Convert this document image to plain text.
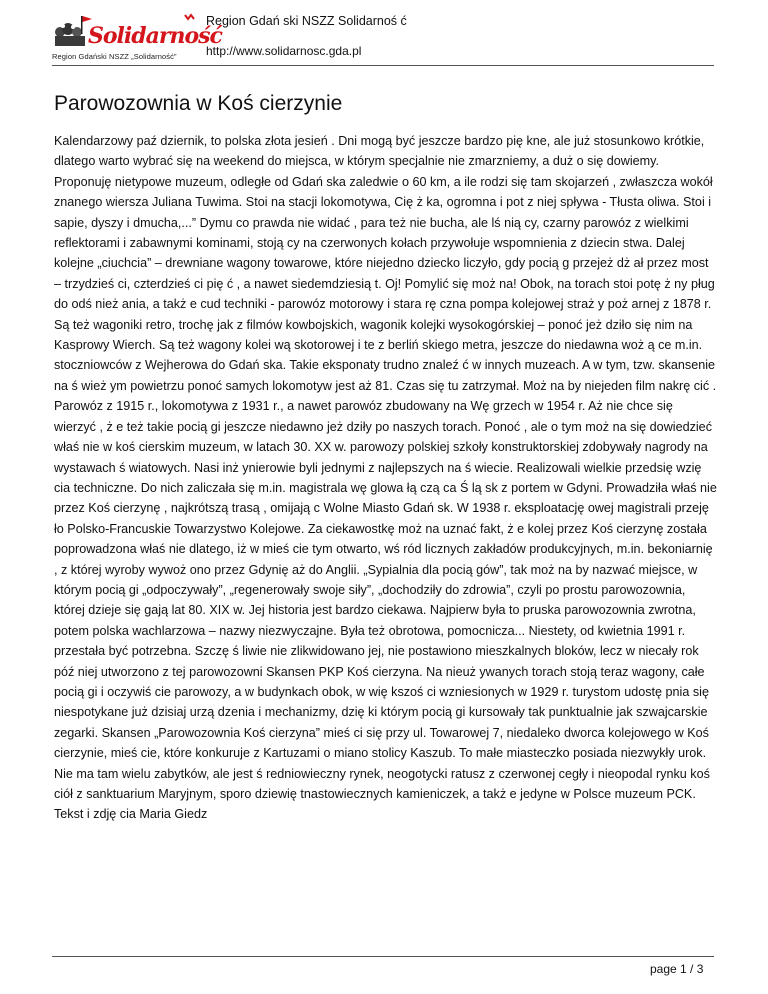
Solidarność
Region Gdański NSZZ „Solidarność”
Region Gdań ski NSZZ Solidarnoś ć
http://www.solidarnosc.gda.pl
Parowozownia w Koś cierzynie

Kalendarzowy paź dziernik, to polska złota jesień . Dni mogą być jeszcze bardzo pię kne, ale już stosunkowo krótkie, dlatego warto wybrać się na weekend do miejsca, w którym specjalnie nie zmarzniemy, a duż o się dowiemy. Proponuję nietypowe muzeum, odległe od Gdań ska zaledwie o 60 km, a ile rodzi się tam skojarzeń , zwłaszcza wokół znanego wiersza Juliana Tuwima. Stoi na stacji lokomotywa, Cię ż ka, ogromna i pot z niej spływa - Tłusta oliwa. Stoi i sapie, dyszy i dmucha,...” Dymu co prawda nie widać , para też nie bucha, ale lś nią cy, czarny parowóz z wielkimi reflektorami i zabawnymi kominami, stoją cy na czerwonych kołach przywołuje wspomnienia z dziecin stwa. Dalej kolejne „ciuchcia” – drewniane wagony towarowe, które niejedno dziecko liczyło, gdy pocią g przejeż dż ał przez most – trzydzieś ci, czterdzieś ci pię ć , a nawet siedemdziesią t. Oj! Pomylić się moż na! Obok, na torach stoi potę ż ny pług do odś nież ania, a takż e cud techniki - parowóz motorowy i stara rę czna pompa kolejowej straż y poż arnej z 1878 r. Są też wagoniki retro, trochę jak z filmów kowbojskich, wagonik kolejki wysokogórskiej – ponoć jeż dziło się nim na Kasprowy Wierch. Są też wagony kolei wą skotorowej i te z berliń skiego metra, jeszcze do niedawna woż ą ce m.in. stoczniowców z Wejherowa do Gdań ska. Takie eksponaty trudno znaleź ć w innych muzeach. A w tym, tzw. skansenie na ś wież ym powietrzu ponoć samych lokomotyw jest aż 81. Czas się tu zatrzymał. Moż na by niejeden film nakrę cić . Parowóz z 1915 r., lokomotywa z 1931 r., a nawet parowóz zbudowany na Wę grzech w 1954 r. Aż nie chce się wierzyć , ż e też takie pocią gi jeszcze niedawno jeż dziły po naszych torach. Ponoć , ale o tym moż na się dowiedzieć właś nie w koś cierskim muzeum, w latach 30. XX w. parowozy polskiej szkoły konstruktorskiej zdobywały nagrody na wystawach ś wiatowych. Nasi inż ynierowie byli jednymi z najlepszych na ś wiecie. Realizowali wielkie przedsię wzię cia techniczne. Do nich zaliczała się m.in. magistrala wę glowa łą czą ca Ś lą sk z portem w Gdyni. Prowadziła właś nie przez Koś cierzynę , najkrótszą trasą , omijają c Wolne Miasto Gdań sk. W 1938 r. eksploatację owej magistrali przeję ło Polsko-Francuskie Towarzystwo Kolejowe. Za ciekawostkę moż na uznać fakt, ż e kolej przez Koś cierzynę została poprowadzona właś nie dlatego, iż w mieś cie tym otwarto, wś ród licznych zakładów produkcyjnych, m.in. bekoniarnię , z której wyroby wywoż ono przez Gdynię aż do Anglii. „Sypialnia dla pocią gów”, tak moż na by nazwać miejsce, w którym pocią gi „odpoczywały”, „regenerowały swoje siły”, „dochodziły do zdrowia”, czyli po prostu parowozownia, której dzieje się gają lat 80. XIX w. Jej historia jest bardzo ciekawa. Najpierw była to pruska parowozownia zwrotna, potem polska wachlarzowa – nazwy niezwyczajne. Była też obrotowa, pomocnicza... Niestety, od kwietnia 1991 r. przestała być potrzebna. Szczę ś liwie nie zlikwidowano jej, nie postawiono mieszkalnych bloków, lecz w niecały rok póź niej utworzono z tej parowozowni Skansen PKP Koś cierzyna. Na nieuż ywanych torach stoją teraz wagony, całe pocią gi i oczywiś cie parowozy, a w budynkach obok, w wię kszoś ci wzniesionych w 1929 r. turystom udostę pnia się niespotykane już dzisiaj urzą dzenia i mechanizmy, dzię ki którym pocią gi kursowały tak punktualnie jak szwajcarskie zegarki. Skansen „Parowozownia Koś cierzyna” mieś ci się przy ul. Towarowej 7, niedaleko dworca kolejowego w Koś cierzynie, mieś cie, które konkuruje z Kartuzami o miano stolicy Kaszub. To małe miasteczko posiada niezwykły urok. Nie ma tam wielu zabytków, ale jest ś redniowieczny rynek, neogotycki ratusz z czerwonej cegły i nieopodal rynku koś ciół z sanktuarium Maryjnym, sporo dziewię tnastowiecznych kamieniczek, a takż e jedyne w Polsce muzeum PCK. Tekst i zdję cia Maria Giedz

page 1 / 3
